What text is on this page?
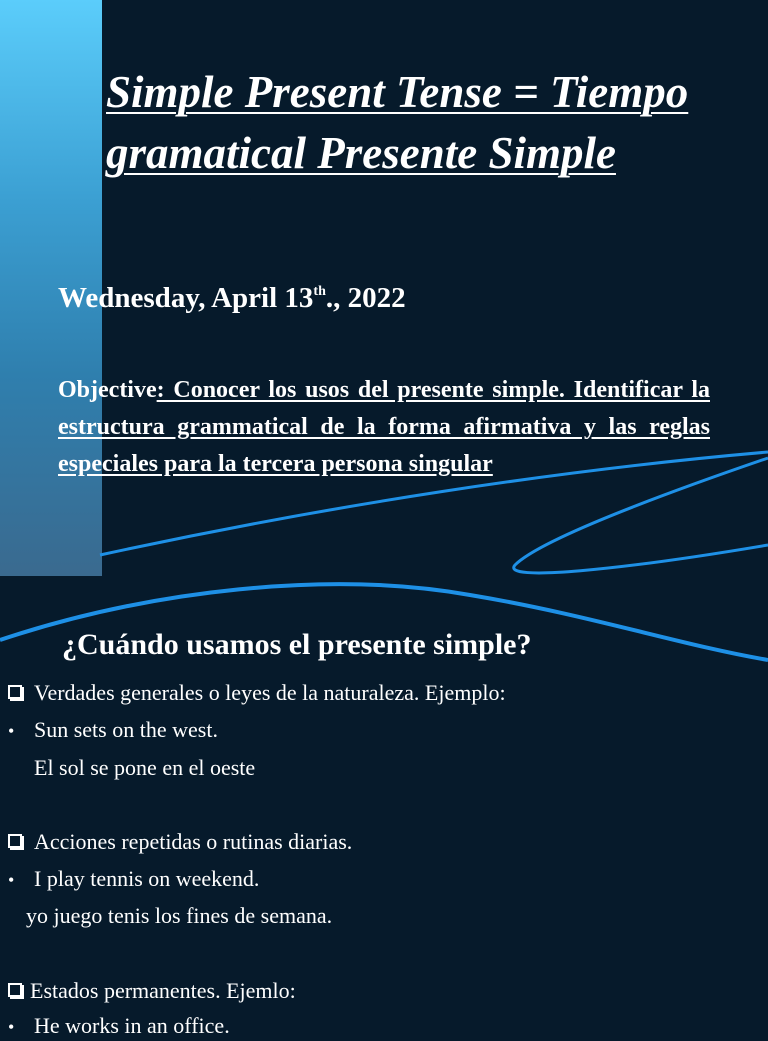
Simple Present Tense = Tiempo gramatical Presente Simple
Wednesday, April 13th., 2022

Objective: Conocer los usos del presente simple. Identificar la estructura grammatical de la forma afirmativa y las reglas especiales para la tercera persona singular

¿Cuándo usamos el presente simple?
Verdades generales o leyes de la naturaleza. Ejemplo:
• Sun sets on the west.
El sol se pone en el oeste
Acciones repetidas o rutinas diarias.
• I play tennis on weekend.
yo juego tenis los fines de semana.
Estados permanentes. Ejemlo:
• He works in an office.
